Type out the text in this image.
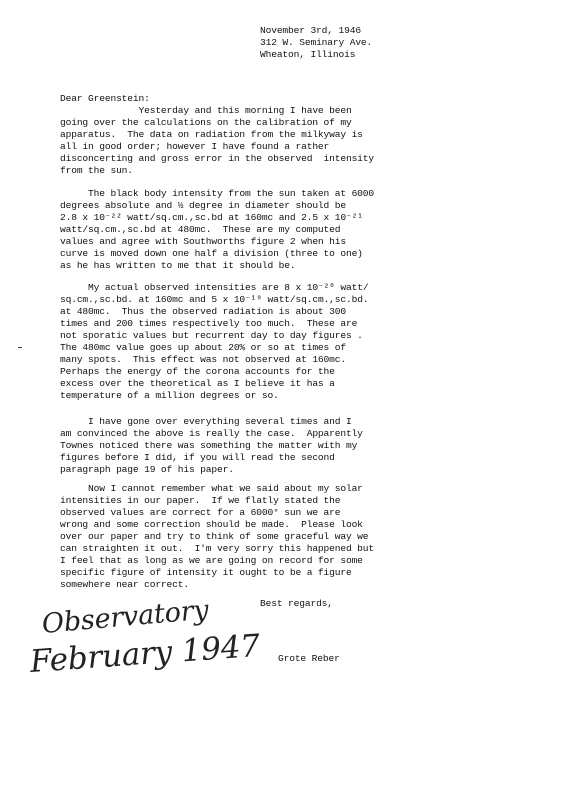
November 3rd, 1946
312 W. Seminary Ave.
Wheaton, Illinois
Dear Greenstein:
Yesterday and this morning I have been
going over the calculations on the calibration of my
apparatus.  The data on radiation from the milkyway is
all in good order; however I have found a rather
disconcerting and gross error in the observed  intensity
from the sun.
The black body intensity from the sun taken at 6000
degrees absolute and ½ degree in diameter should be
2.8 x 10⁻²² watt/sq.cm.,sc.bd at 160mc and 2.5 x 10⁻²¹
watt/sq.cm.,sc.bd at 480mc.  These are my computed
values and agree with Southworths figure 2 when his
curve is moved down one half a division (three to one)
as he has written to me that it should be.
My actual observed intensities are 8 x 10⁻²⁰ watt/
sq.cm.,sc.bd. at 160mc and 5 x 10⁻¹⁹ watt/sq.cm.,sc.bd.
at 480mc.  Thus the observed radiation is about 300
times and 200 times respectively too much.  These are
not sporatic values but recurrent day to day figures .
The 480mc value goes up about 20% or so at times of
many spots.  This effect was not observed at 160mc.
Perhaps the energy of the corona accounts for the
excess over the theoretical as I believe it has a
temperature of a million degrees or so.
I have gone over everything several times and I
am convinced the above is really the case.  Apparently
Townes noticed there was something the matter with my
figures before I did, if you will read the second
paragraph page 19 of his paper.
Now I cannot remember what we said about my solar
intensities in our paper.  If we flatly stated the
observed values are correct for a 6000° sun we are
wrong and some correction should be made.  Please look
over our paper and try to think of some graceful way we
can straighten it out.  I'm very sorry this happened but
I feel that as long as we are going on record for some
specific figure of intensity it ought to be a figure
somewhere near correct.
Best regards,
Grote Reber
Observatory
February 1947
